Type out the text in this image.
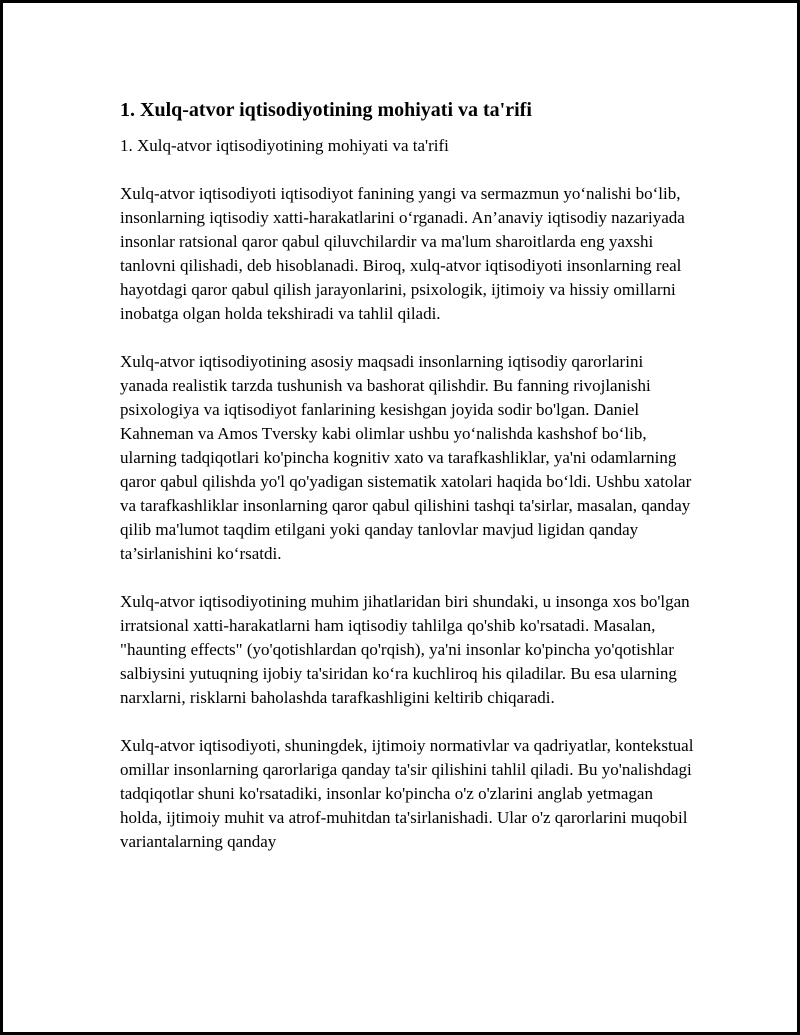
1. Xulq-atvor iqtisodiyotining mohiyati va ta'rifi
1. Xulq-atvor iqtisodiyotining mohiyati va ta'rifi

Xulq-atvor iqtisodiyoti iqtisodiyot fanining yangi va sermazmun yo‘nalishi bo‘lib, insonlarning iqtisodiy xatti-harakatlarini o‘rganadi. An’anaviy iqtisodiy nazariyada insonlar ratsional qaror qabul qiluvchilardir va ma'lum sharoitlarda eng yaxshi tanlovni qilishadi, deb hisoblanadi. Biroq, xulq-atvor iqtisodiyoti insonlarning real hayotdagi qaror qabul qilish jarayonlarini, psixologik, ijtimoiy va hissiy omillarni inobatga olgan holda tekshiradi va tahlil qiladi.

Xulq-atvor iqtisodiyotining asosiy maqsadi insonlarning iqtisodiy qarorlarini yanada realistik tarzda tushunish va bashorat qilishdir. Bu fanning rivojlanishi psixologiya va iqtisodiyot fanlarining kesishgan joyida sodir bo'lgan. Daniel Kahneman va Amos Tversky kabi olimlar ushbu yo‘nalishda kashshof bo‘lib, ularning tadqiqotlari ko'pincha kognitiv xato va tarafkashliklar, ya'ni odamlarning qaror qabul qilishda yo'l qo'yadigan sistematik xatolari haqida bo‘ldi. Ushbu xatolar va tarafkashliklar insonlarning qaror qabul qilishini tashqi ta'sirlar, masalan, qanday qilib ma'lumot taqdim etilgani yoki qanday tanlovlar mavjud ligidan qanday ta’sirlanishini ko‘rsatdi.

Xulq-atvor iqtisodiyotining muhim jihatlaridan biri shundaki, u insonga xos bo'lgan irratsional xatti-harakatlarni ham iqtisodiy tahlilga qo'shib ko'rsatadi. Masalan, "haunting effects" (yo'qotishlardan qo'rqish), ya'ni insonlar ko'pincha yo'qotishlar salbiysini yutuqning ijobiy ta'siridan ko‘ra kuchliroq his qiladilar. Bu esa ularning narxlarni, risklarni baholashda tarafkashligini keltirib chiqaradi.

Xulq-atvor iqtisodiyoti, shuningdek, ijtimoiy normativlar va qadriyatlar, kontekstual omillar insonlarning qarorlariga qanday ta'sir qilishini tahlil qiladi. Bu yo'nalishdagi tadqiqotlar shuni ko'rsatadiki, insonlar ko'pincha o'z o'zlarini anglab yetmagan holda, ijtimoiy muhit va atrof-muhitdan ta'sirlanishadi. Ular o'z qarorlarini muqobil variantalarning qanday
